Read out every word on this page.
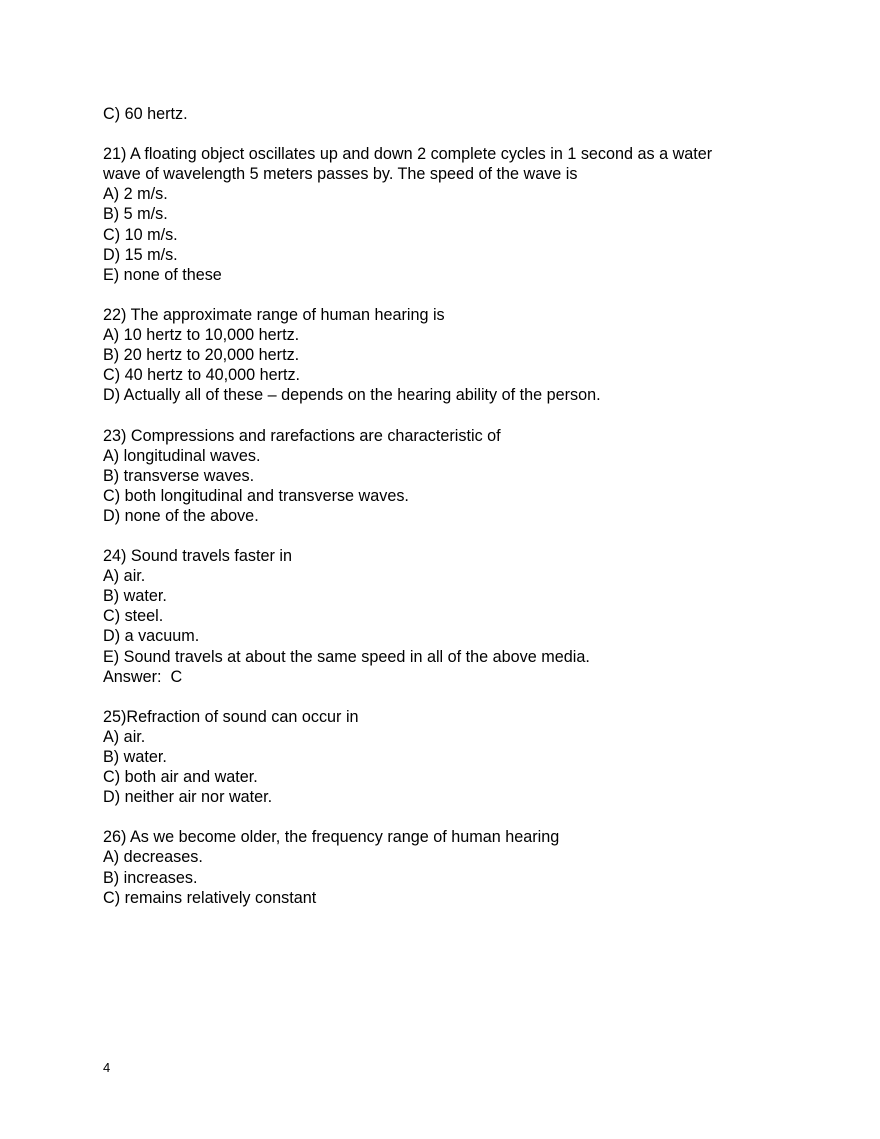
C) 60 hertz.
21) A floating object oscillates up and down 2 complete cycles in 1 second as a water
wave of wavelength 5 meters passes by. The speed of the wave is
A) 2 m/s.
B) 5 m/s.
C) 10 m/s.
D) 15 m/s.
E) none of these
22) The approximate range of human hearing is
A) 10 hertz to 10,000 hertz.
B) 20 hertz to 20,000 hertz.
C) 40 hertz to 40,000 hertz.
D) Actually all of these – depends on the hearing ability of the person.
23) Compressions and rarefactions are characteristic of
A) longitudinal waves.
B) transverse waves.
C) both longitudinal and transverse waves.
D) none of the above.
24) Sound travels faster in
A) air.
B) water.
C) steel.
D) a vacuum.
E) Sound travels at about the same speed in all of the above media.
Answer:  C
25)Refraction of sound can occur in
A) air.
B) water.
C) both air and water.
D) neither air nor water.
26) As we become older, the frequency range of human hearing
A) decreases.
B) increases.
C) remains relatively constant
4
